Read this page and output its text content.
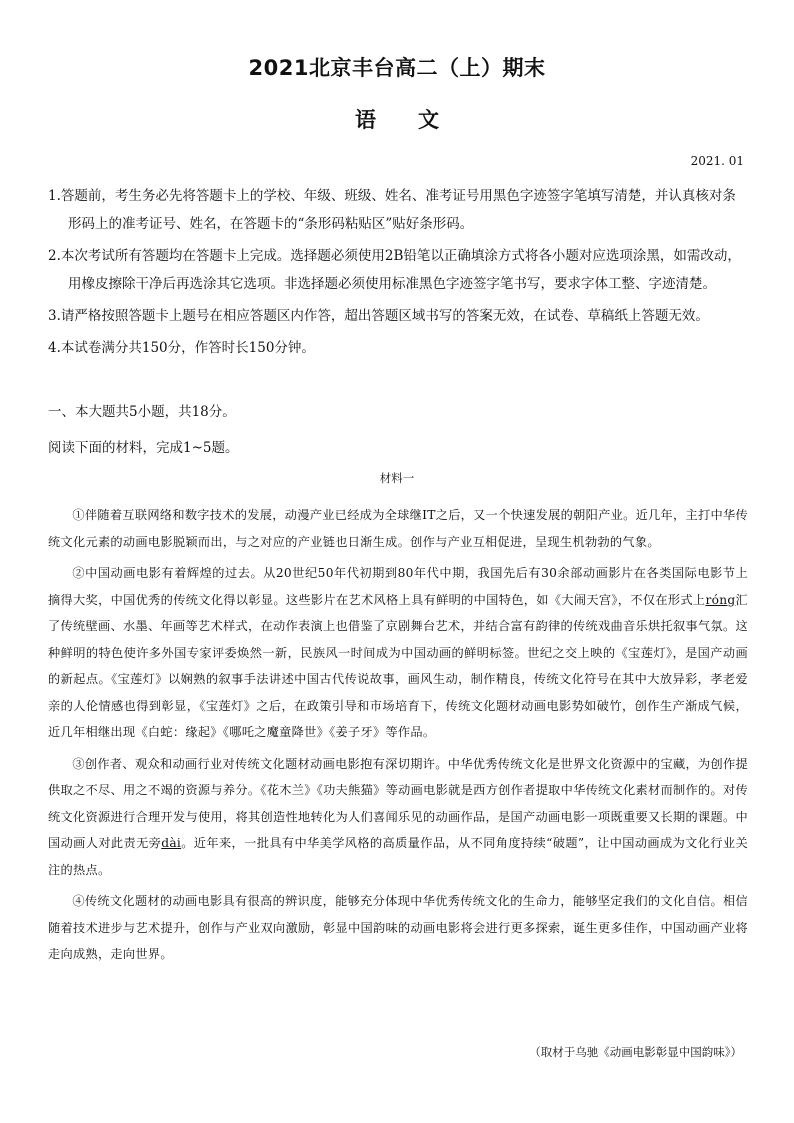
2021北京丰台高二（上）期末
语　　文
2021. 01

1.答题前，考生务必先将答题卡上的学校、年级、班级、姓名、准考证号用黑色字迹签字笔填写清楚，并认真核对条形码上的准考证号、姓名，在答题卡的“条形码粘贴区”贴好条形码。

2.本次考试所有答题均在答题卡上完成。选择题必须使用2B铅笔以正确填涂方式将各小题对应选项涂黑，如需改动，用橡皮擦除干净后再选涂其它选项。非选择题必须使用标准黑色字迹签字笔书写，要求字体工整、字迹清楚。

3.请严格按照答题卡上题号在相应答题区内作答，超出答题区域书写的答案无效，在试卷、草稿纸上答题无效。

4.本试卷满分共150分，作答时长150分钟。

一、本大题共5小题，共18分。
阅读下面的材料，完成1~5题。
材料一

①伴随着互联网络和数字技术的发展，动漫产业已经成为全球继IT之后，又一个快速发展的朝阳产业。近几年，主打中华传统文化元素的动画电影脱颖而出，与之对应的产业链也日渐生成。创作与产业互相促进，呈现生机勃勃的气象。

②中国动画电影有着辉煌的过去。从20世纪50年代初期到80年代中期，我国先后有30余部动画影片在各类国际电影节上摘得大奖，中国优秀的传统文化得以彰显。这些影片在艺术风格上具有鲜明的中国特色，如《大闹天宫》，不仅在形式上róng汇了传统壁画、水墨、年画等艺术样式，在动作表演上也借鉴了京剧舞台艺术，并结合富有韵律的传统戏曲音乐烘托叙事气氛。这种鲜明的特色使许多外国专家评委焕然一新，民族风一时间成为中国动画的鲜明标签。世纪之交上映的《宝莲灯》，是国产动画的新起点。《宝莲灯》以娴熟的叙事手法讲述中国古代传说故事，画风生动，制作精良，传统文化符号在其中大放异彩，孝老爱亲的人伦情感也得到彰显，《宝莲灯》之后，在政策引导和市场培育下，传统文化题材动画电影势如破竹，创作生产渐成气候，近几年相继出现《白蛇：缘起》《哪吒之魔童降世》《姜子牙》等作品。

③创作者、观众和动画行业对传统文化题材动画电影抱有深切期许。中华优秀传统文化是世界文化资源中的宝藏，为创作提供取之不尽、用之不竭的资源与养分。《花木兰》《功夫熊猫》等动画电影就是西方创作者提取中华传统文化素材而制作的。对传统文化资源进行合理开发与使用，将其创造性地转化为人们喜闻乐见的动画作品，是国产动画电影一项既重要又长期的课题。中国动画人对此责无旁dài。近年来，一批具有中华美学风格的高质量作品，从不同角度持续“破题”，让中国动画成为文化行业关注的热点。

④传统文化题材的动画电影具有很高的辨识度，能够充分体现中华优秀传统文化的生命力，能够坚定我们的文化自信。相信随着技术进步与艺术提升，创作与产业双向激励，彰显中国韵味的动画电影将会进行更多探索，诞生更多佳作，中国动画产业将走向成熟，走向世界。

（取材于乌驰《动画电影彰显中国韵味》）
